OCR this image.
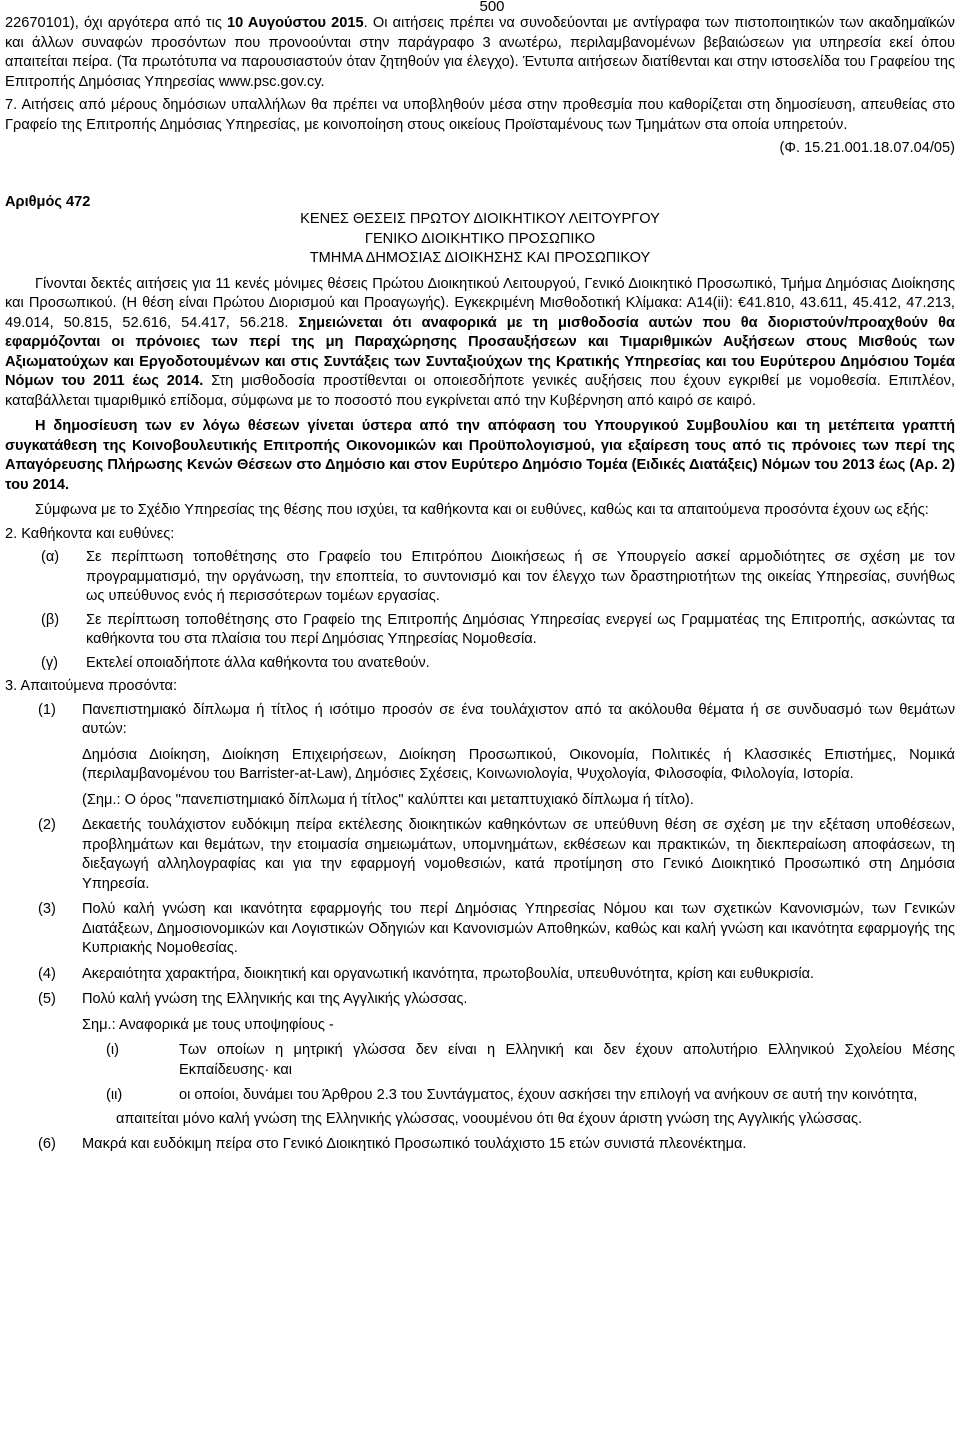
500

22670101), όχι αργότερα από τις 10 Αυγούστου 2015. Οι αιτήσεις πρέπει να συνοδεύονται με αντίγραφα των πιστοποιητικών των ακαδημαϊκών και άλλων συναφών προσόντων που προνοούνται στην παράγραφο 3 ανωτέρω, περιλαμβανομένων βεβαιώσεων για υπηρεσία εκεί όπου απαιτείται πείρα. (Τα πρωτότυπα να παρουσιαστούν όταν ζητηθούν για έλεγχο). Έντυπα αιτήσεων διατίθενται και στην ιστοσελίδα του Γραφείου της Επιτροπής Δημόσιας Υπηρεσίας www.psc.gov.cy.

7. Αιτήσεις από μέρους δημόσιων υπαλλήλων θα πρέπει να υποβληθούν μέσα στην προθεσμία που καθορίζεται στη δημοσίευση, απευθείας στο Γραφείο της Επιτροπής Δημόσιας Υπηρεσίας, με κοινοποίηση στους οικείους Προϊσταμένους των Τμημάτων στα οποία υπηρετούν.

(Φ. 15.21.001.18.07.04/05)

Αριθμός 472
ΚΕΝΕΣ ΘΕΣΕΙΣ ΠΡΩΤΟΥ ΔΙΟΙΚΗΤΙΚΟΥ ΛΕΙΤΟΥΡΓΟΥ
ΓΕΝΙΚΟ ΔΙΟΙΚΗΤΙΚΟ ΠΡΟΣΩΠΙΚΟ
ΤΜΗΜΑ ΔΗΜΟΣΙΑΣ ΔΙΟΙΚΗΣΗΣ ΚΑΙ ΠΡΟΣΩΠΙΚΟΥ

Γίνονται δεκτές αιτήσεις για 11 κενές μόνιμες θέσεις Πρώτου Διοικητικού Λειτουργού, Γενικό Διοικητικό Προσωπικό, Τμήμα Δημόσιας Διοίκησης και Προσωπικού. (Η θέση είναι Πρώτου Διορισμού και Προαγωγής). Εγκεκριμένη Μισθοδοτική Κλίμακα: Α14(ii): €41.810, 43.611, 45.412, 47.213, 49.014, 50.815, 52.616, 54.417, 56.218. Σημειώνεται ότι αναφορικά με τη μισθοδοσία αυτών που θα διοριστούν/προαχθούν θα εφαρμόζονται οι πρόνοιες των περί της μη Παραχώρησης Προσαυξήσεων και Τιμαριθμικών Αυξήσεων στους Μισθούς των Αξιωματούχων και Εργοδοτουμένων και στις Συντάξεις των Συνταξιούχων της Κρατικής Υπηρεσίας και του Ευρύτερου Δημόσιου Τομέα Νόμων του 2011 έως 2014. Στη μισθοδοσία προστίθενται οι οποιεσδήποτε γενικές αυξήσεις που έχουν εγκριθεί με νομοθεσία. Επιπλέον, καταβάλλεται τιμαριθμικό επίδομα, σύμφωνα με το ποσοστό που εγκρίνεται από την Κυβέρνηση από καιρό σε καιρό.

Η δημοσίευση των εν λόγω θέσεων γίνεται ύστερα από την απόφαση του Υπουργικού Συμβουλίου και τη μετέπειτα γραπτή συγκατάθεση της Κοινοβουλευτικής Επιτροπής Οικονομικών και Προϋπολογισμού, για εξαίρεση τους από τις πρόνοιες των περί της Απαγόρευσης Πλήρωσης Κενών Θέσεων στο Δημόσιο και στον Ευρύτερο Δημόσιο Τομέα (Ειδικές Διατάξεις) Νόμων του 2013 έως (Αρ. 2) του 2014.

Σύμφωνα με το Σχέδιο Υπηρεσίας της θέσης που ισχύει, τα καθήκοντα και οι ευθύνες, καθώς και τα απαιτούμενα προσόντα έχουν ως εξής:

2. Καθήκοντα και ευθύνες:

(α)	Σε περίπτωση τοποθέτησης στο Γραφείο του Επιτρόπου Διοικήσεως ή σε Υπουργείο ασκεί αρμοδιότητες σε σχέση με τον προγραμματισμό, την οργάνωση, την εποπτεία, το συντονισμό και τον έλεγχο των δραστηριοτήτων της οικείας Υπηρεσίας, συνήθως ως υπεύθυνος ενός ή περισσότερων τομέων εργασίας.
(β)	Σε περίπτωση τοποθέτησης στο Γραφείο της Επιτροπής Δημόσιας Υπηρεσίας ενεργεί ως Γραμματέας της Επιτροπής, ασκώντας τα καθήκοντα του στα πλαίσια του περί Δημόσιας Υπηρεσίας Νομοθεσία.
(γ)	Εκτελεί οποιαδήποτε άλλα καθήκοντα του ανατεθούν.

3. Απαιτούμενα προσόντα:

(1)	Πανεπιστημιακό δίπλωμα ή τίτλος ή ισότιμο προσόν σε ένα τουλάχιστον από τα ακόλουθα θέματα ή σε συνδυασμό των θεμάτων αυτών:
Δημόσια Διοίκηση, Διοίκηση Επιχειρήσεων, Διοίκηση Προσωπικού, Οικονομία, Πολιτικές ή Κλασσικές Επιστήμες, Νομικά (περιλαμβανομένου του Barrister-at-Law), Δημόσιες Σχέσεις, Κοινωνιολογία, Ψυχολογία, Φιλοσοφία, Φιλολογία, Ιστορία.
(Σημ.: Ο όρος "πανεπιστημιακό δίπλωμα ή τίτλος" καλύπτει και μεταπτυχιακό δίπλωμα ή τίτλο).
(2)	Δεκαετής τουλάχιστον ευδόκιμη πείρα εκτέλεσης διοικητικών καθηκόντων σε υπεύθυνη θέση σε σχέση με την εξέταση υποθέσεων, προβλημάτων και θεμάτων, την ετοιμασία σημειωμάτων, υπομνημάτων, εκθέσεων και πρακτικών, τη διεκπεραίωση αποφάσεων, τη διεξαγωγή αλληλογραφίας και για την εφαρμογή νομοθεσιών, κατά προτίμηση στο Γενικό Διοικητικό Προσωπικό στη Δημόσια Υπηρεσία.
(3)	Πολύ καλή γνώση και ικανότητα εφαρμογής του περί Δημόσιας Υπηρεσίας Νόμου και των σχετικών Κανονισμών, των Γενικών Διατάξεων, Δημοσιονομικών και Λογιστικών Οδηγιών και Κανονισμών Αποθηκών, καθώς και καλή γνώση και ικανότητα εφαρμογής της Κυπριακής Νομοθεσίας.
(4)	Ακεραιότητα χαρακτήρα, διοικητική και οργανωτική ικανότητα, πρωτοβουλία, υπευθυνότητα, κρίση και ευθυκρισία.
(5)	Πολύ καλή γνώση της Ελληνικής και της Αγγλικής γλώσσας.
Σημ.: Αναφορικά με τους υποψηφίους -
(ι)	Των οποίων η μητρική γλώσσα δεν είναι η Ελληνική και δεν έχουν απολυτήριο Ελληνικού Σχολείου Μέσης Εκπαίδευσης· και
(ιι)	οι οποίοι, δυνάμει του Άρθρου 2.3 του Συντάγματος, έχουν ασκήσει την επιλογή να ανήκουν σε αυτή την κοινότητα,
απαιτείται μόνο καλή γνώση της Ελληνικής γλώσσας, νοουμένου ότι θα έχουν άριστη γνώση της Αγγλικής γλώσσας.
(6)	Μακρά και ευδόκιμη πείρα στο Γενικό Διοικητικό Προσωπικό τουλάχιστο 15 ετών συνιστά πλεονέκτημα.
